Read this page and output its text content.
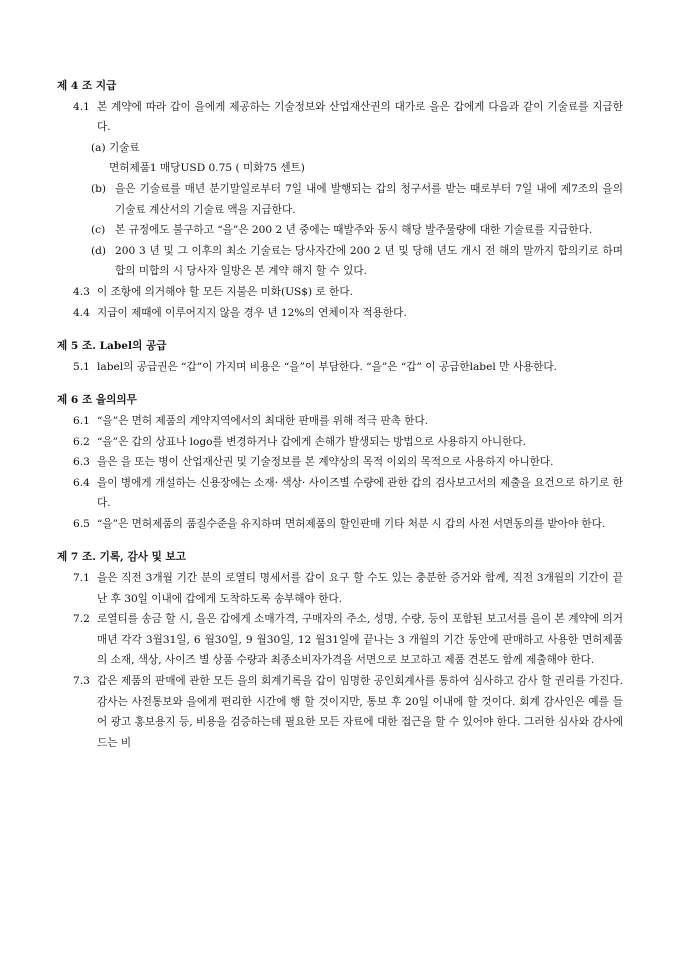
제 4 조 지급
4.1 본 계약에 따라 갑이 을에게 제공하는 기술정보와 산업재산권의 대가로 을은 갑에게 다음과 같이 기술료를 지급한다.
(a) 기술료
면허제품1 매당USD 0.75 ( 미화75 센트)
(b) 을은 기술료를 매년 분기말일로부터 7일 내에 발행되는 갑의 청구서를 받는 때로부터 7일 내에 제7조의 을의 기술료 계산서의 기술료 액을 지급한다.
(c) 본 규정에도 불구하고 “을”은 200 2 년 중에는 때발주와 동시 해당 발주물량에 대한 기술료를 지급한다.
(d) 200 3 년 및 그 이후의 최소 기술료는 당사자간에 200 2 년 및 당해 년도 개시 전 해의 말까지 합의키로 하며 합의 미합의 시 당사자 일방은 본 계약 해지 할 수 있다.
4.3 이 조항에 의거해야 할 모든 지불은 미화(US$) 로 한다.
4.4 지급이 제때에 이루어지지 않을 경우 년 12%의 연체이자 적용한다.
제 5 조. Label의 공급
5.1 label의 공급권은 “갑”이 가지며 비용은 “을”이 부담한다. “을”은 “갑” 이 공급한label 만 사용한다.
제 6 조 을의의무
6.1 “을”은 면허 제품의 계약지역에서의 최대한 판매를 위해 적극 판촉 한다.
6.2 “을”은 갑의 상표나 logo를 변경하거나 갑에게 손해가 발생되는 방법으로 사용하지 아니한다.
6.3 을은 을 또는 병이 산업재산권 및 기술정보를 본 계약상의 목적 이외의 목적으로 사용하지 아니한다.
6.4 을이 병에게 개설하는 신용장에는 소재· 색상· 사이즈별 수량에 관한 갑의 검사보고서의 제출을 요건으로 하기로 한다.
6.5 “을”은 면허제품의 품질수준을 유지하며 면허제품의 할인판매 기타 처분 시 갑의 사전 서면동의를 받아야 한다.
제 7 조. 기록, 감사 및 보고
7.1 을은 직전 3개월 기간 분의 로열티 명세서를 갑이 요구 할 수도 있는 충분한 증거와 함께, 직전 3개월의 기간이 끝난 후 30일 이내에 갑에게 도착하도록 송부해야 한다.
7.2 로열티를 송금 할 시, 을은 갑에게 소매가격, 구매자의 주소, 성명, 수량, 등이 포함된 보고서를 을이 본 계약에 의거 매년 각각 3월31일, 6 월30일, 9 월30일, 12 월31일에 끝나는 3 개월의 기간 동안에 판매하고 사용한 면허제품의 소재, 색상, 사이즈 별 상품 수량과 최종소비자가격을 서면으로 보고하고 제품 견본도 함께 제출해야 한다.
7.3 갑은 제품의 판매에 관한 모든 을의 회계기록을 갑이 임명한 공인회계사를 통하여 심사하고 감사 할 권리를 가진다. 감사는 사전통보와 을에게 편리한 시간에 행 할 것이지만, 통보 후 20일 이내에 할 것이다. 회계 감사인은 예를 들어 광고 홍보용지 등, 비용을 검증하는데 필요한 모든 자료에 대한 접근을 할 수 있어야 한다. 그러한 심사와 감사에 드는 비
